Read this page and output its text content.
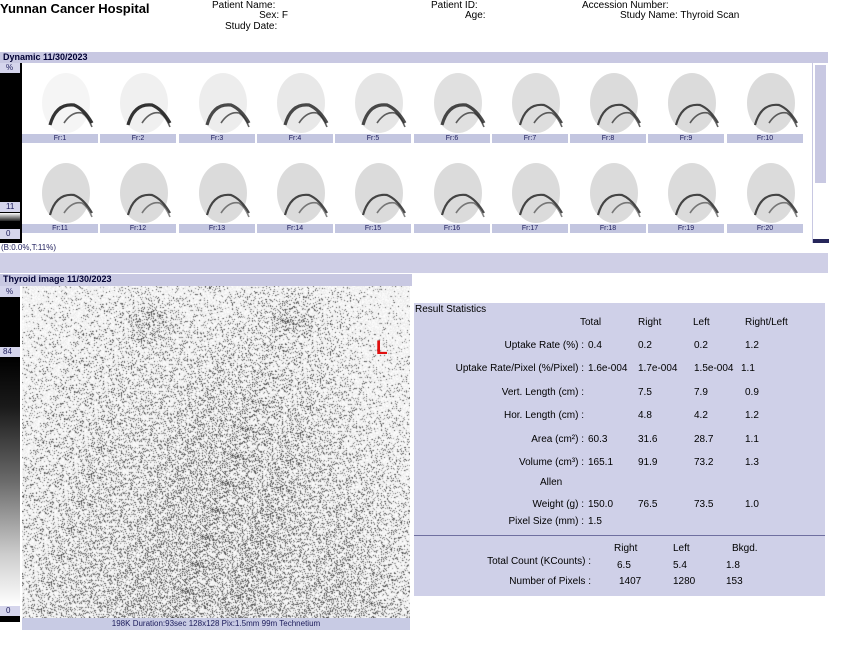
Yunnan Cancer Hospital	Patient Name:
Sex: F
Study Date:
Patient ID:
Age:
Accession Number:
Study Name: Thyroid Scan
Dynamic 11/30/2023
%
11
0
Fr:1	Fr:2	Fr:3	Fr:4	Fr:5	Fr:6	Fr:7	Fr:8	Fr:9	Fr:10
Fr:11	Fr:12	Fr:13	Fr:14	Fr:15	Fr:16	Fr:17	Fr:18	Fr:19	Fr:20
(B:0.0%,T:11%)
Thyroid image 11/30/2023
%
84
0
L
198K Duration:93sec 128x128 Pix:1.5mm 99m Technetium
Result Statistics
Total	Right	Left	Right/Left
Uptake Rate (%) : 0.4	0.2	0.2	1.2
Uptake Rate/Pixel (%/Pixel) : 1.6e-004	1.7e-004	1.5e-004 1.1
Vert. Length (cm) :	7.5	7.9	0.9
Hor. Length (cm) :	4.8	4.2	1.2
Area (cm²) : 60.3	31.6	28.7	1.1
Volume (cm³) : 165.1 91.9	73.2	1.3
Allen
Weight (g) : 150.0 76.5	73.5	1.0
Pixel Size (mm) : 1.5
Right	Left	Bkgd.
Total Count (KCounts) :	6.5	5.4	1.8
Number of Pixels :	1407	1280	153
